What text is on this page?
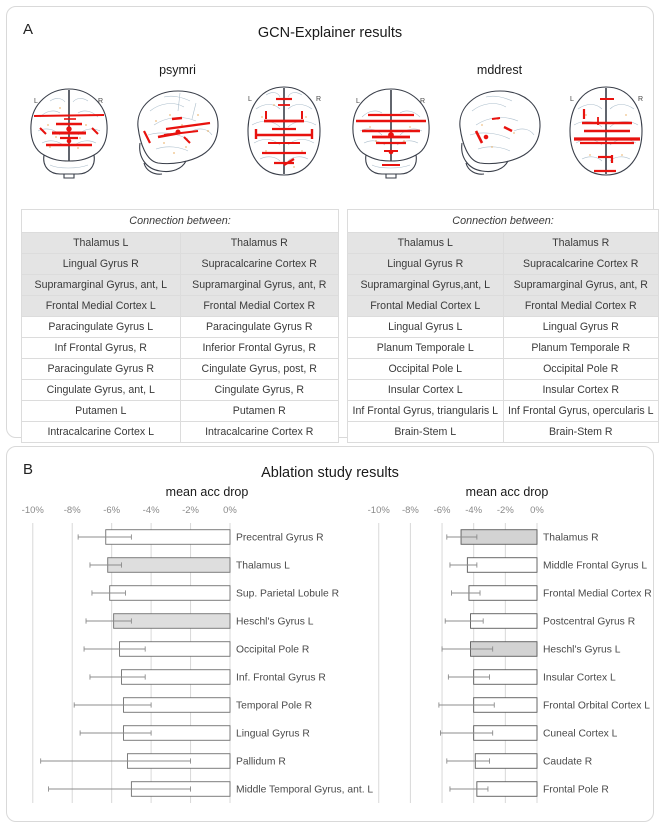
A	GCN-Explainer results
psymri
L	R	L	R
mddrest
L	R	L	R
Connection between:	
Thalamus L	Thalamus R
Lingual Gyrus R	Supracalcarine Cortex R
Supramarginal Gyrus, ant, L	Supramarginal Gyrus, ant, R
Frontal Medial Cortex L	Frontal Medial Cortex R
Paracingulate Gyrus L	Paracingulate Gyrus R
Inf Frontal Gyrus, R	Inferior Frontal Gyrus, R
Paracingulate Gyrus R	Cingulate Gyrus, post, R
Cingulate Gyrus, ant, L	Cingulate Gyrus, R
Putamen L	Putamen R
Intracalcarine Cortex L	Intracalcarine Cortex R
Connection between:	
Thalamus L	Thalamus R
Lingual Gyrus R	Supracalcarine Cortex R
Supramarginal Gyrus,ant, L	Supramarginal Gyrus, ant, R
Frontal Medial Cortex L	Frontal Medial Cortex R
Lingual Gyrus L	Lingual Gyrus R
Planum Temporale L	Planum Temporale R
Occipital Pole L	Occipital Pole R
Insular Cortex L	Insular Cortex R
Inf Frontal Gyrus, triangularis L	Inf Frontal Gyrus, opercularis L
Brain-Stem L	Brain-Stem R
B	Ablation study results
mean acc drop	mean acc drop
-10% -8% -6% -4% -2%	0%
Precentral Gyrus R
Thalamus L
Sup. Parietal Lobule R
Heschl's Gyrus L
Occipital Pole R
Inf. Frontal Gyrus R
Temporal Pole R
Lingual Gyrus R
Pallidum R
Middle Temporal Gyrus, ant. L
-10% -8% -6% -4% -2% 0%
Thalamus R
Middle Frontal Gyrus L
Frontal Medial Cortex R
Postcentral Gyrus R
Heschl's Gyrus L
Insular Cortex L
Frontal Orbital Cortex L
Cuneal Cortex L
Caudate R
Frontal Pole R
